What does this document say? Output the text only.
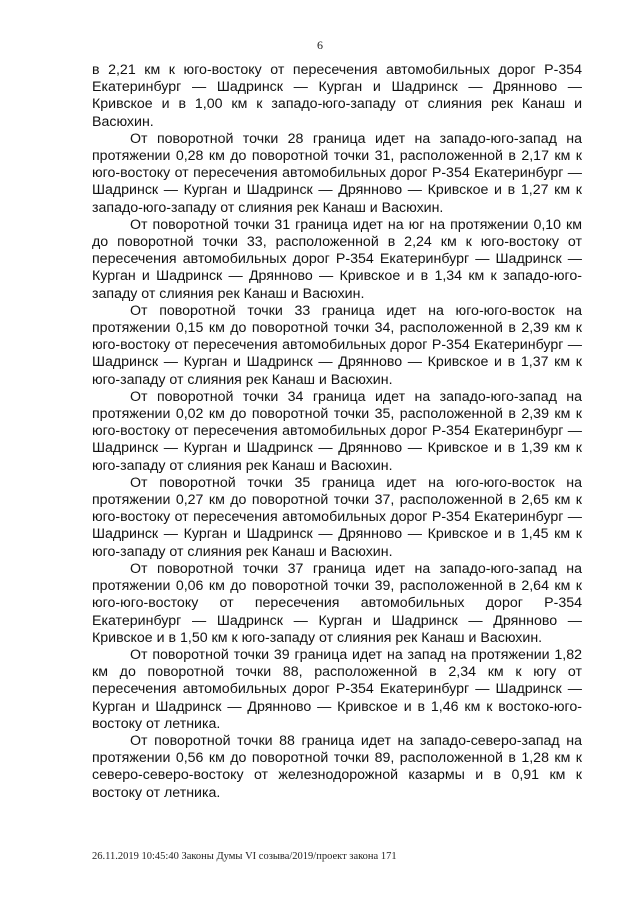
6

в 2,21 км к юго-востоку от пересечения автомобильных дорог Р-354 Екатеринбург — Шадринск — Курган и Шадринск — Дрянново — Кривское и в 1,00 км к западо-юго-западу от слияния рек Канаш и Васюхин.

От поворотной точки 28 граница идет на западо-юго-запад на протяжении 0,28 км до поворотной точки 31, расположенной в 2,17 км к юго-востоку от пересечения автомобильных дорог Р-354 Екатеринбург — Шадринск — Курган и Шадринск — Дрянново — Кривское и в 1,27 км к западо-юго-западу от слияния рек Канаш и Васюхин.

От поворотной точки 31 граница идет на юг на протяжении 0,10 км до поворотной точки 33, расположенной в 2,24 км к юго-востоку от пересечения автомобильных дорог Р-354 Екатеринбург — Шадринск — Курган и Шадринск — Дрянново — Кривское и в 1,34 км к западо-юго-западу от слияния рек Канаш и Васюхин.

От поворотной точки 33 граница идет на юго-юго-восток на протяжении 0,15 км до поворотной точки 34, расположенной в 2,39 км к юго-востоку от пересечения автомобильных дорог Р-354 Екатеринбург — Шадринск — Курган и Шадринск — Дрянново — Кривское и в 1,37 км к юго-западу от слияния рек Канаш и Васюхин.

От поворотной точки 34 граница идет на западо-юго-запад на протяжении 0,02 км до поворотной точки 35, расположенной в 2,39 км к юго-востоку от пересечения автомобильных дорог Р-354 Екатеринбург — Шадринск — Курган и Шадринск — Дрянново — Кривское и в 1,39 км к юго-западу от слияния рек Канаш и Васюхин.

От поворотной точки 35 граница идет на юго-юго-восток на протяжении 0,27 км до поворотной точки 37, расположенной в 2,65 км к юго-востоку от пересечения автомобильных дорог Р-354 Екатеринбург — Шадринск — Курган и Шадринск — Дрянново — Кривское и в 1,45 км к юго-западу от слияния рек Канаш и Васюхин.

От поворотной точки 37 граница идет на западо-юго-запад на протяжении 0,06 км до поворотной точки 39, расположенной в 2,64 км к юго-юго-востоку от пересечения автомобильных дорог Р-354 Екатеринбург — Шадринск — Курган и Шадринск — Дрянново — Кривское и в 1,50 км к юго-западу от слияния рек Канаш и Васюхин.

От поворотной точки 39 граница идет на запад на протяжении 1,82 км до поворотной точки 88, расположенной в 2,34 км к югу от пересечения автомобильных дорог Р-354 Екатеринбург — Шадринск — Курган и Шадринск — Дрянново — Кривское и в 1,46 км к востоко-юго-востоку от летника.

От поворотной точки 88 граница идет на западо-северо-запад на протяжении 0,56 км до поворотной точки 89, расположенной в 1,28 км к северо-северо-востоку от железнодорожной казармы и в 0,91 км к востоку от летника.

26.11.2019 10:45:40 Законы Думы VI созыва/2019/проект закона 171
